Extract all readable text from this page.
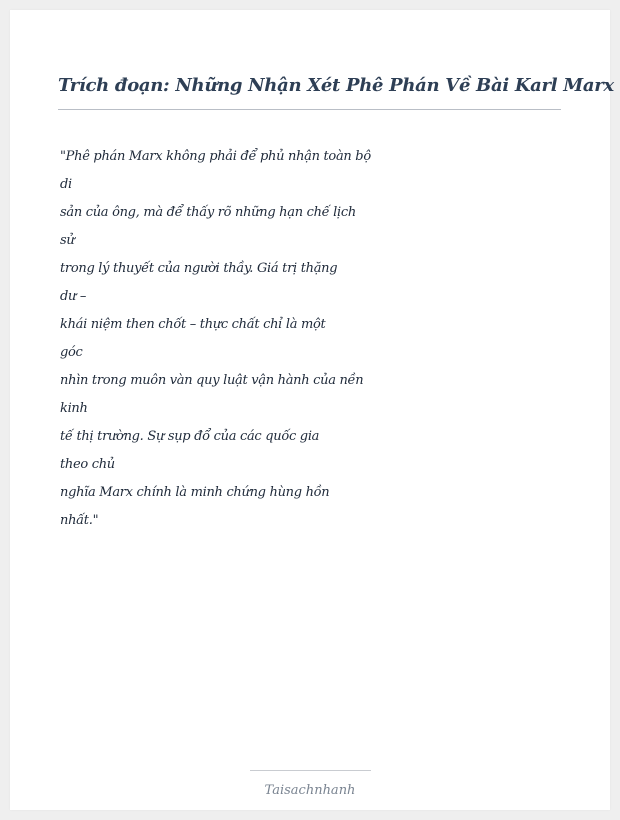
Trích đoạn: Những Nhận Xét Phê Phán Về Bài Karl Marx
"Phê phán Marx không phải để phủ nhận toàn bộ
di
sản của ông, mà để thấy rõ những hạn chế lịch
sử
trong lý thuyết của người thầy. Giá trị thặng
dư –
khái niệm then chốt – thực chất chỉ là một
góc
nhìn trong muôn vàn quy luật vận hành của nền
kinh
tế thị trường. Sự sụp đổ của các quốc gia
theo chủ
nghĩa Marx chính là minh chứng hùng hồn
nhất."
Taisachnhanh
